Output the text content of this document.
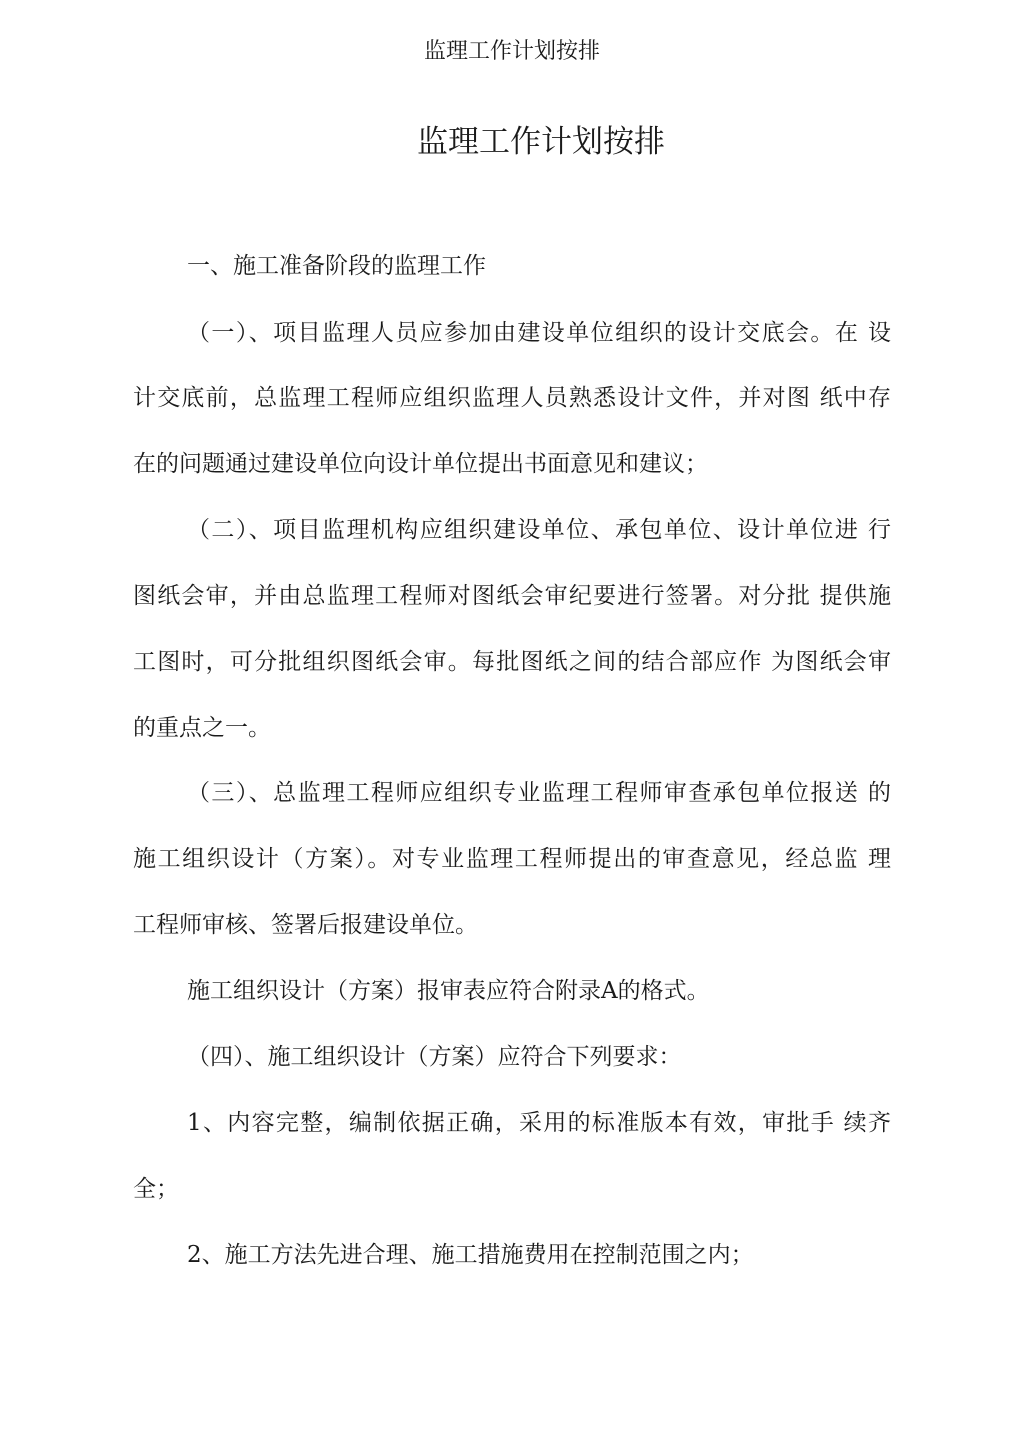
监理工作计划按排
监理工作计划按排
一、施工准备阶段的监理工作
（一）、项目监理人员应参加由建设单位组织的设计交底会。在 设
计交底前，总监理工程师应组织监理人员熟悉设计文件，并对图 纸中存
在的问题通过建设单位向设计单位提出书面意见和建议；
（二）、项目监理机构应组织建设单位、承包单位、设计单位进 行
图纸会审，并由总监理工程师对图纸会审纪要进行签署。对分批 提供施
工图时，可分批组织图纸会审。每批图纸之间的结合部应作 为图纸会审
的重点之一。
（三）、总监理工程师应组织专业监理工程师审查承包单位报送 的
施工组织设计（方案）。对专业监理工程师提出的审查意见，经总监 理
工程师审核、签署后报建设单位。
施工组织设计（方案）报审表应符合附录A的格式。
（四）、施工组织设计（方案）应符合下列要求：
1、内容完整，编制依据正确，采用的标准版本有效，审批手 续齐
全；
2、施工方法先进合理、施工措施费用在控制范围之内；
